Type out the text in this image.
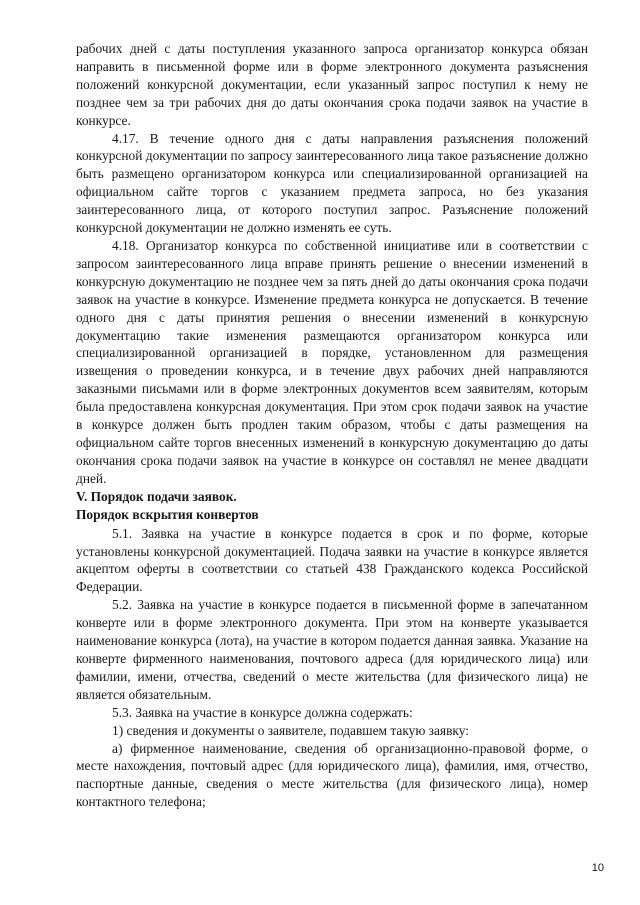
рабочих дней с даты поступления указанного запроса организатор конкурса обязан направить в письменной форме или в форме электронного документа разъяснения положений конкурсной документации, если указанный запрос поступил к нему не позднее чем за три рабочих дня до даты окончания срока подачи заявок на участие в конкурсе.

4.17. В течение одного дня с даты направления разъяснения положений конкурсной документации по запросу заинтересованного лица такое разъяснение должно быть размещено организатором конкурса или специализированной организацией на официальном сайте торгов с указанием предмета запроса, но без указания заинтересованного лица, от которого поступил запрос. Разъяснение положений конкурсной документации не должно изменять ее суть.

4.18. Организатор конкурса по собственной инициативе или в соответствии с запросом заинтересованного лица вправе принять решение о внесении изменений в конкурсную документацию не позднее чем за пять дней до даты окончания срока подачи заявок на участие в конкурсе. Изменение предмета конкурса не допускается. В течение одного дня с даты принятия решения о внесении изменений в конкурсную документацию такие изменения размещаются организатором конкурса или специализированной организацией в порядке, установленном для размещения извещения о проведении конкурса, и в течение двух рабочих дней направляются заказными письмами или в форме электронных документов всем заявителям, которым была предоставлена конкурсная документация. При этом срок подачи заявок на участие в конкурсе должен быть продлен таким образом, чтобы с даты размещения на официальном сайте торгов внесенных изменений в конкурсную документацию до даты окончания срока подачи заявок на участие в конкурсе он составлял не менее двадцати дней.

V. Порядок подачи заявок.

Порядок вскрытия конвертов

5.1. Заявка на участие в конкурсе подается в срок и по форме, которые установлены конкурсной документацией. Подача заявки на участие в конкурсе является акцептом оферты в соответствии со статьей 438 Гражданского кодекса Российской Федерации.

5.2. Заявка на участие в конкурсе подается в письменной форме в запечатанном конверте или в форме электронного документа. При этом на конверте указывается наименование конкурса (лота), на участие в котором подается данная заявка. Указание на конверте фирменного наименования, почтового адреса (для юридического лица) или фамилии, имени, отчества, сведений о месте жительства (для физического лица) не является обязательным.

5.3. Заявка на участие в конкурсе должна содержать:

1) сведения и документы о заявителе, подавшем такую заявку:

а) фирменное наименование, сведения об организационно-правовой форме, о месте нахождения, почтовый адрес (для юридического лица), фамилия, имя, отчество, паспортные данные, сведения о месте жительства (для физического лица), номер контактного телефона;

10
